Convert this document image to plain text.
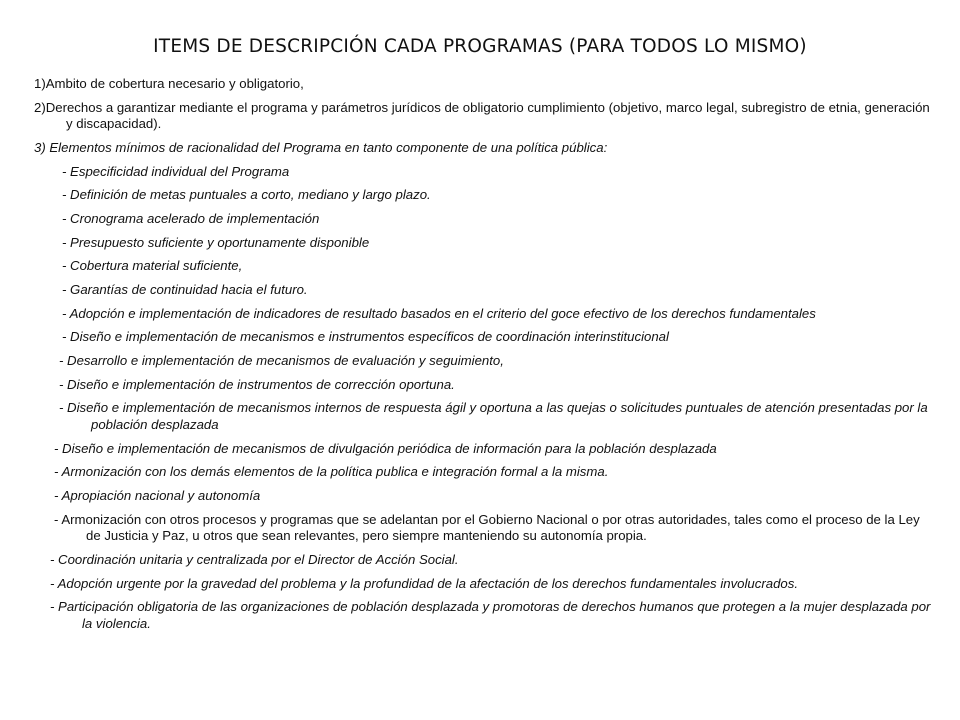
ITEMS DE DESCRIPCIÓN CADA PROGRAMAS (PARA TODOS LO MISMO)

1)Ambito de cobertura necesario y obligatorio,

2)Derechos a garantizar mediante el programa y parámetros jurídicos de obligatorio cumplimiento (objetivo, marco legal, subregistro de etnia, generación y discapacidad).

3) Elementos mínimos de racionalidad del Programa en tanto componente de una política pública:

- Especificidad individual del Programa

- Definición de metas puntuales a corto, mediano y largo plazo.

- Cronograma acelerado de implementación

- Presupuesto suficiente y oportunamente disponible

- Cobertura material suficiente,

- Garantías de continuidad hacia el futuro.

- Adopción e implementación de indicadores de resultado basados en el criterio del goce efectivo de los derechos fundamentales

- Diseño e implementación de mecanismos e instrumentos específicos de coordinación interinstitucional

- Desarrollo e implementación de mecanismos de evaluación y seguimiento,

- Diseño e implementación de instrumentos de corrección oportuna.

- Diseño e implementación de mecanismos internos de respuesta ágil y oportuna a las quejas o solicitudes puntuales de atención presentadas por la población desplazada

- Diseño e implementación de mecanismos de divulgación periódica de información para la población desplazada

- Armonización con los demás elementos de la política publica e integración formal a la misma.

- Apropiación nacional y autonomía

- Armonización con otros procesos y programas que se adelantan por el Gobierno Nacional o por otras autoridades, tales como el proceso de la Ley de Justicia y Paz, u otros que sean relevantes, pero siempre manteniendo su autonomía propia.

- Coordinación unitaria y centralizada por el Director de Acción Social.

- Adopción urgente por la gravedad del problema y la profundidad de la afectación de los derechos fundamentales involucrados.

- Participación obligatoria de las organizaciones de población desplazada y promotoras de derechos humanos que protegen a la mujer desplazada por la violencia.
